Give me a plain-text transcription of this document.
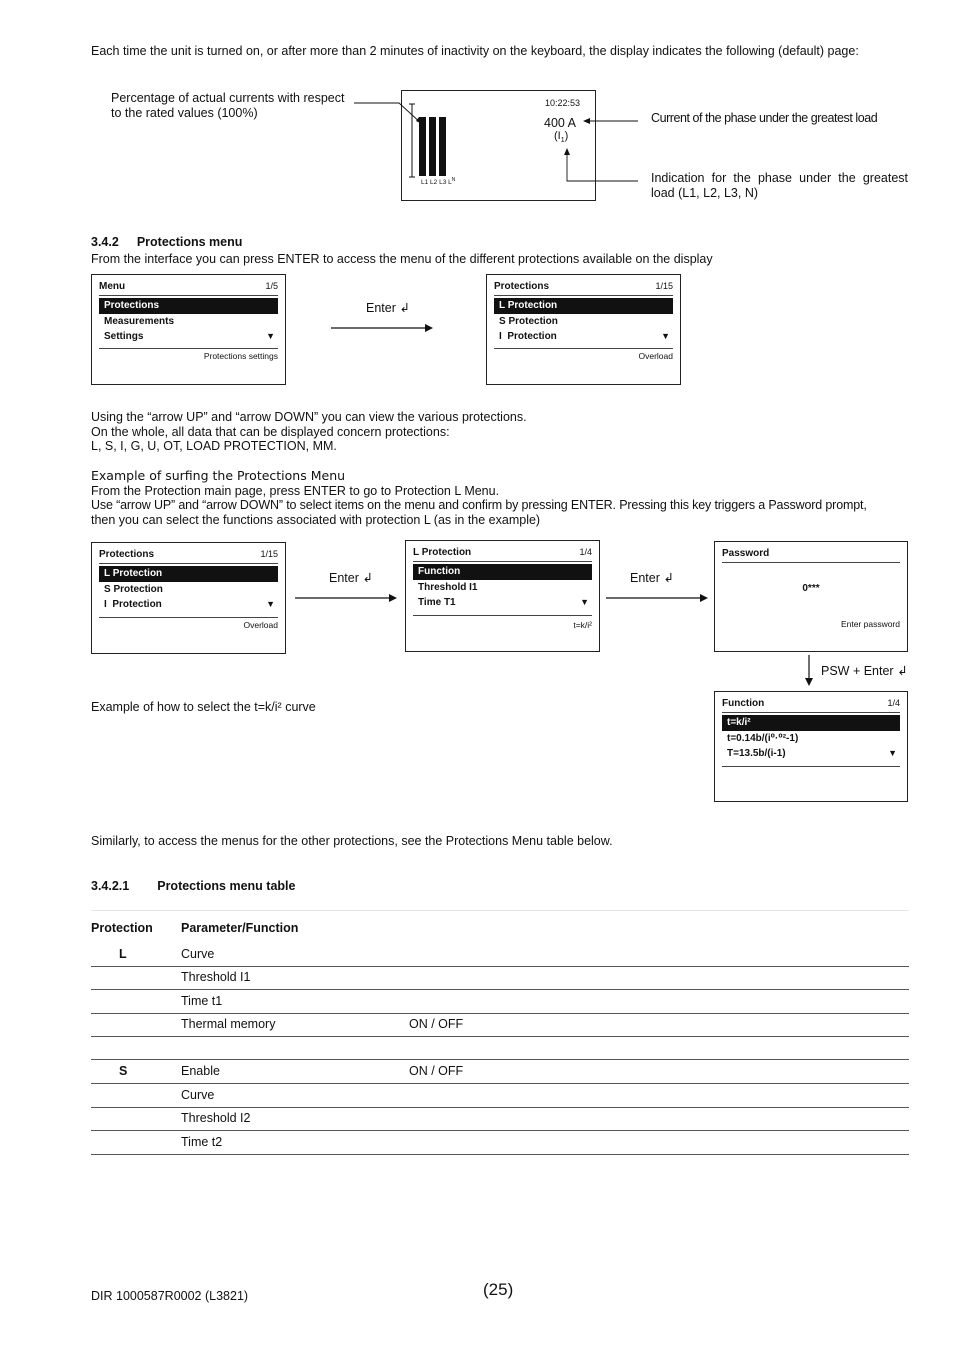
Each time the unit is turned on, or after more than 2 minutes of inactivity on the keyboard, the display indicates the following (default) page:

Percentage of actual currents with respect

to the rated values (100%)

10:22:53
400 A
$(I_1)$
L1 L2 L3 $L^N$

Current of the phase under the greatest load

Indication for the phase under the greatest

load (L1, L2, L3, N)

3.4.2 Protections menu

From the interface you can press ENTER to access the menu of the different protections available on the display

Menu	1/5
Protections
Measurements
Settings	▼
Protections settings
Enter ↲
Protections	1/15
L Protection
S Protection
I  Protection	▼
Overload

Using the “arrow UP” and “arrow DOWN” you can view the various protections.

On the whole, all data that can be displayed concern protections:

L, S, I, G, U, OT, LOAD PROTECTION, MM.

Example of surfing the Protections Menu

From the Protection main page, press ENTER to go to Protection L Menu.

Use “arrow UP” and “arrow DOWN” to select items on the menu and confirm by pressing ENTER. Pressing this key triggers a Password prompt,

then you can select the functions associated with protection L (as in the example)

Protections	1/15
L Protection
S Protection
I  Protection	▼
Overload
Enter ↲
L Protection	1/4
Function
Threshold I1
Time T1	▼
t=k/i²
Enter ↲
Password
0***
Enter password
PSW + Enter ↲

Example of how to select the t=k/i² curve	Function	1/4
t=k/i²
t=0.14b/(i⁰·⁰²-1)
T=13.5b/(i-1)	▼

Similarly, to access the menus for the other protections, see the Protections Menu table below.

3.4.2.1 Protections menu table

Protection Parameter/Function
L	Curve
Threshold I1
Time t1
Thermal memory	ON / OFF
S	Enable	ON / OFF
Curve
Threshold I2
Time t2
DIR 1000587R0002 (L3821)	(25)
